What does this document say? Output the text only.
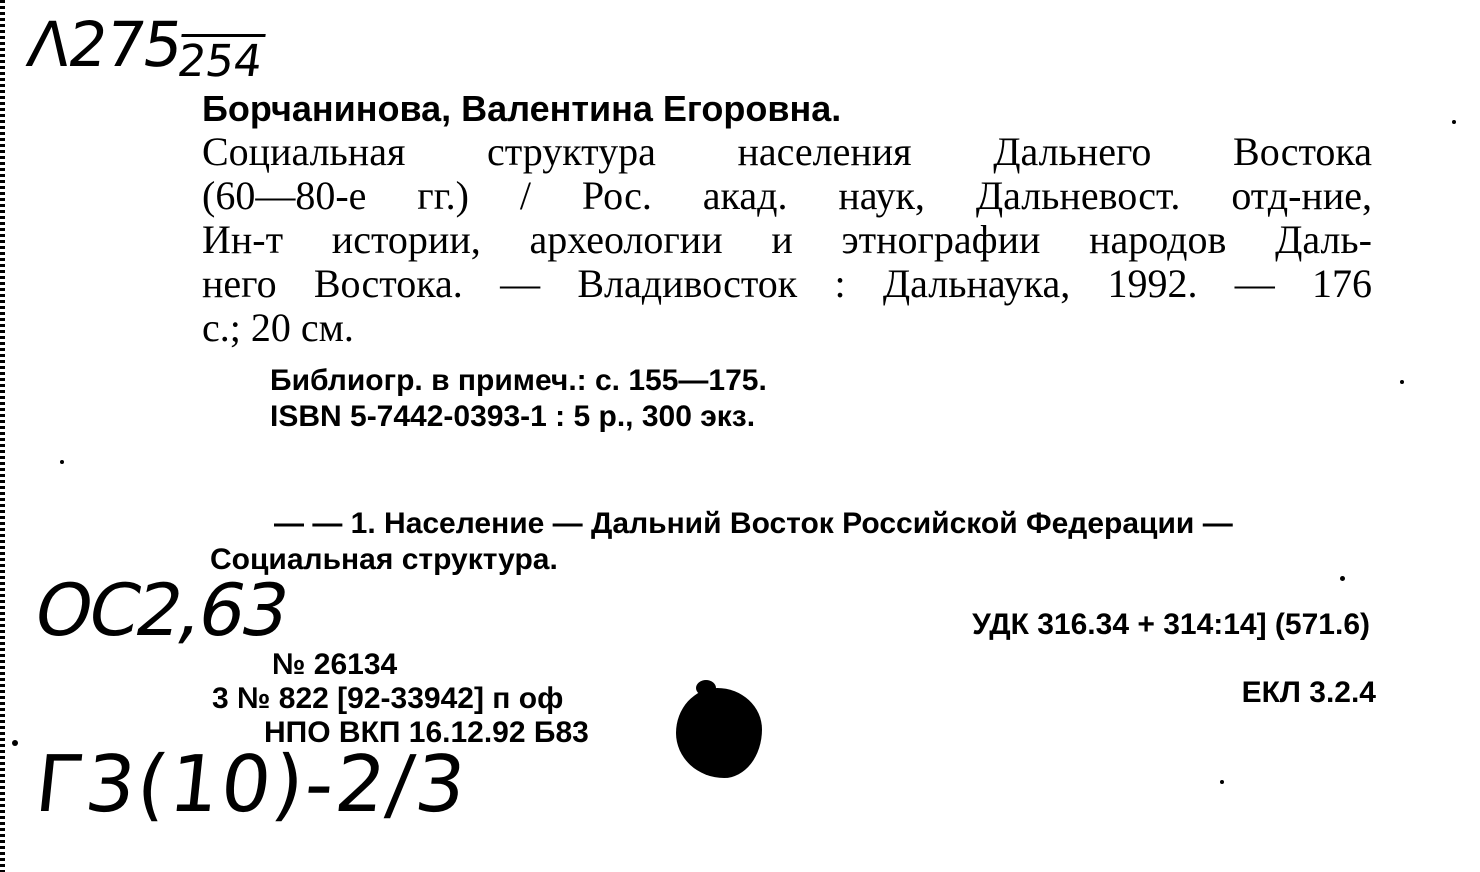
Λ275
254
Борчанинова, Валентина Егоровна.

Социальная структура населения Дальнего Востока

(60—80-е гг.) / Рос. акад. наук, Дальневост. отд-ние,

Ин-т истории, археологии и этнографии народов Даль-

него Востока. — Владивосток : Дальнаука, 1992. — 176

с.; 20 см.

Библиогр. в примеч.: с. 155—175.
ISBN 5-7442-0393-1 : 5 р., 300 экз.

— — 1. Население — Дальний Восток Российской Федерации —

Социальная структура.

OC2,63	УДК 316.34 + 314:14] (571.6)
ЕКЛ 3.2.4
№ 26134
3 № 822 [92-33942] п оф
НПО ВКП 16.12.92 Б83
Г3(10)-2/3
